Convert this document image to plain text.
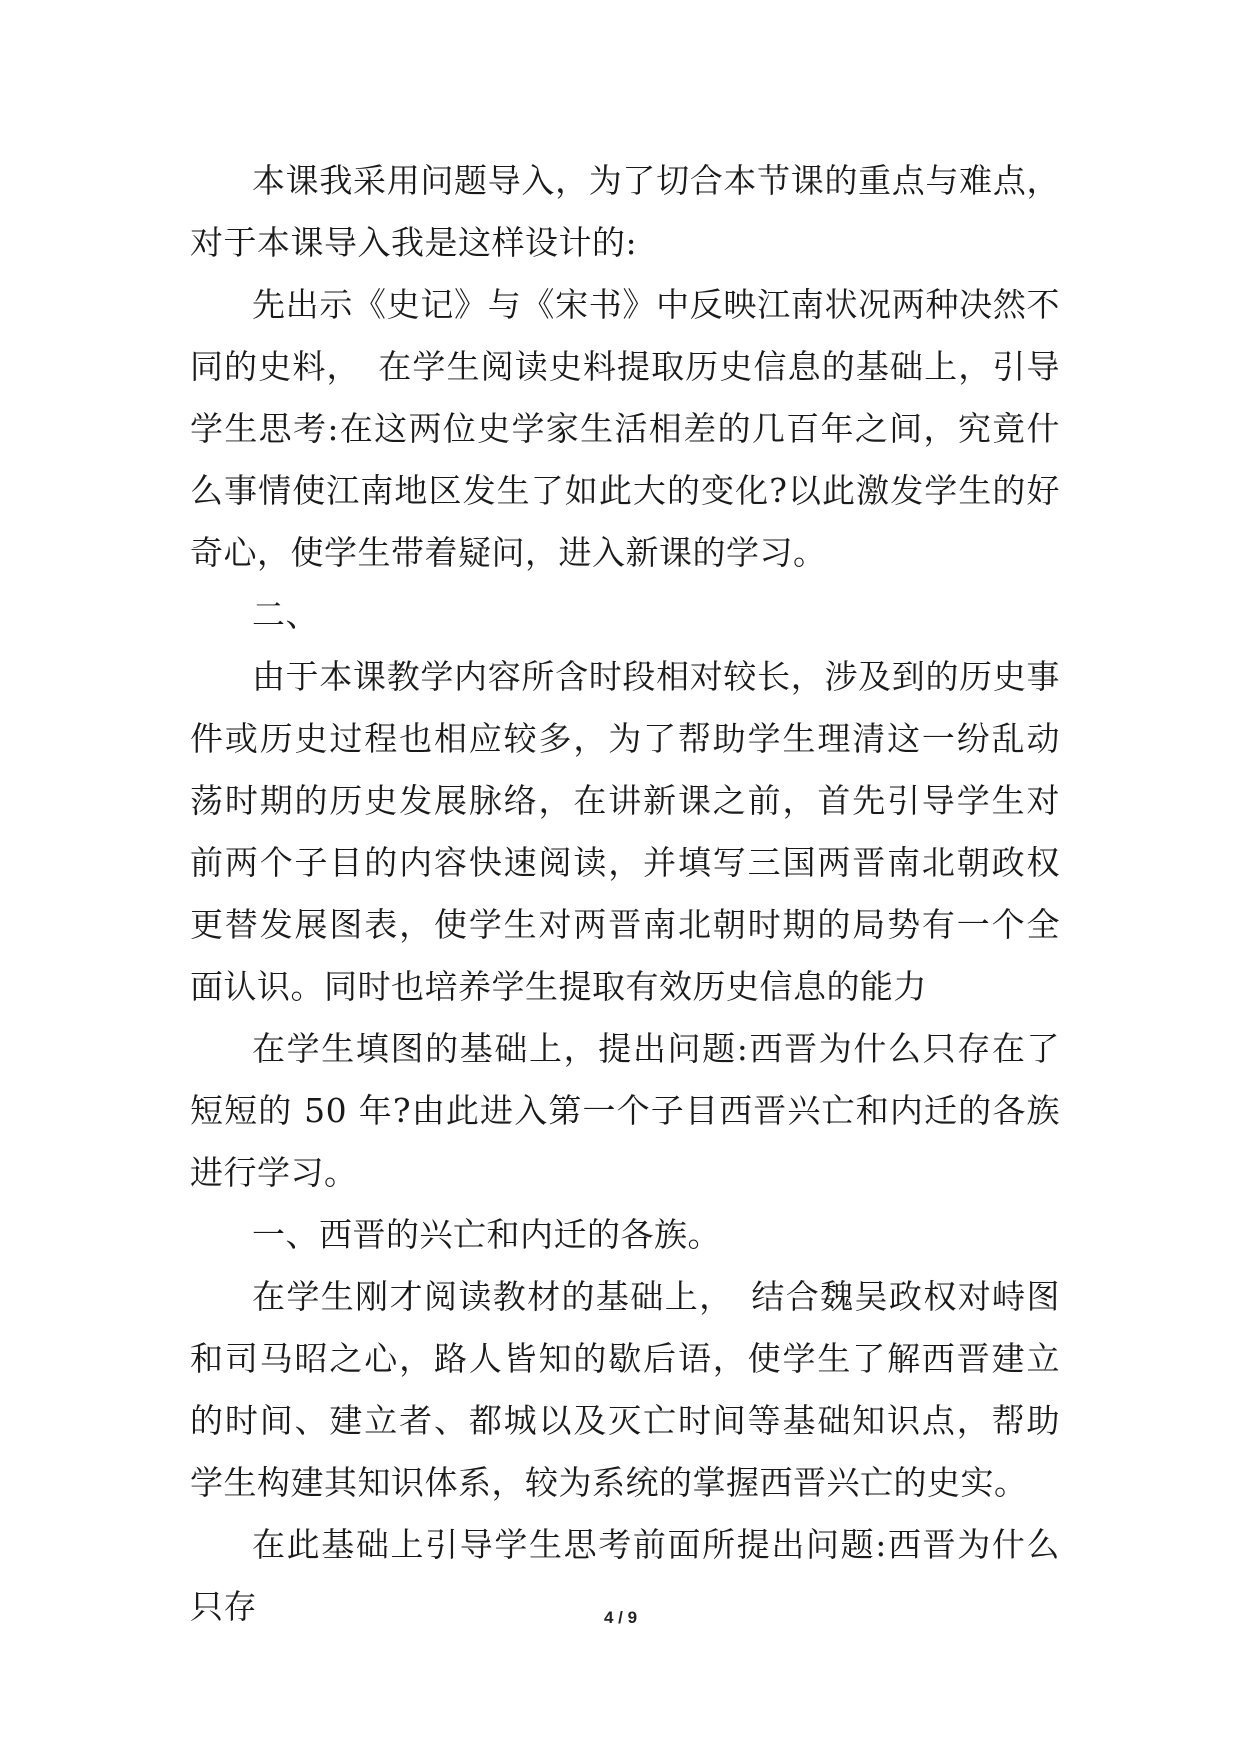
本课我采用问题导入，为了切合本节课的重点与难点，对于本课导入我是这样设计的:

先出示《史记》与《宋书》中反映江南状况两种决然不同的史料，　在学生阅读史料提取历史信息的基础上，引导学生思考:在这两位史学家生活相差的几百年之间，究竟什么事情使江南地区发生了如此大的变化?以此激发学生的好奇心，使学生带着疑问，进入新课的学习。

二、

由于本课教学内容所含时段相对较长，涉及到的历史事件或历史过程也相应较多，为了帮助学生理清这一纷乱动荡时期的历史发展脉络，在讲新课之前，首先引导学生对前两个子目的内容快速阅读，并填写三国两晋南北朝政权更替发展图表，使学生对两晋南北朝时期的局势有一个全面认识。同时也培养学生提取有效历史信息的能力

在学生填图的基础上，提出问题:西晋为什么只存在了短短的 50 年?由此进入第一个子目西晋兴亡和内迁的各族进行学习。

一、西晋的兴亡和内迁的各族。

在学生刚才阅读教材的基础上，　结合魏吴政权对峙图　和司马昭之心，路人皆知的歇后语，使学生了解西晋建立的时间、建立者、都城以及灭亡时间等基础知识点，帮助学生构建其知识体系，较为系统的掌握西晋兴亡的史实。

在此基础上引导学生思考前面所提出问题:西晋为什么只存	4 / 9
